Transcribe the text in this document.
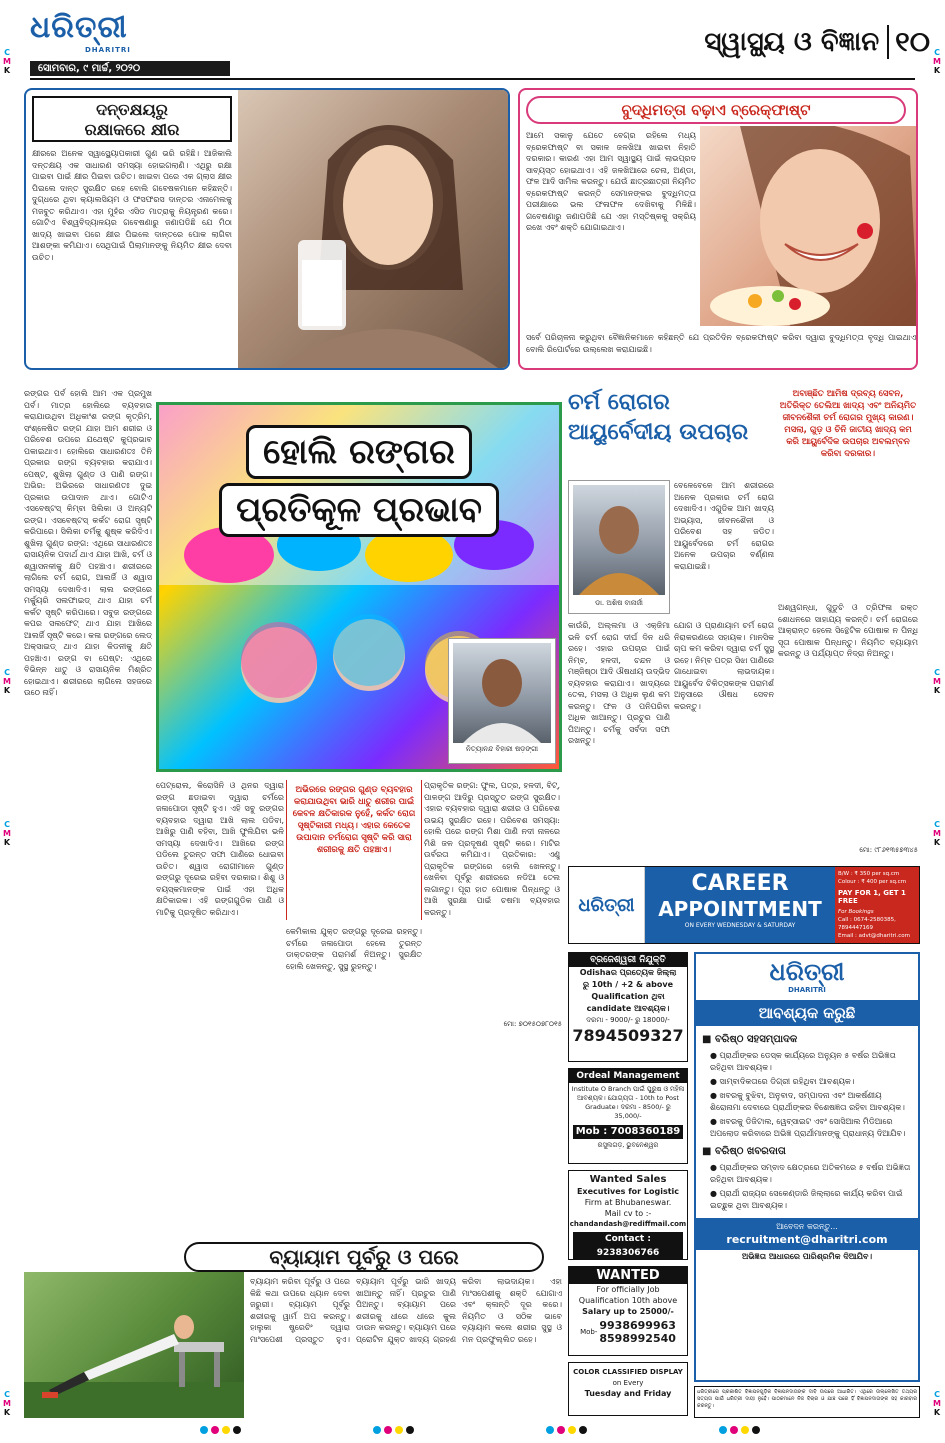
C
M
K
C
M
K
C
M
K
C
M
K
C
M
K
C
M
K
C
M
K
C
M
K
ଧରିତ୍ରୀ
DHARITRI
ସୋମବାର, ୯ ମାର୍ଚ୍ଚ, ୨୦୨୦
ସ୍ୱାସ୍ଥ୍ୟ ଓ ବିଜ୍ଞାନ ୧୦
ଦନ୍ତକ୍ଷୟରୁ
ରକ୍ଷାକରେ କ୍ଷୀର
କ୍ଷୀରରେ ଅନେକ ସ୍ୱାସ୍ଥ୍ୟୋପକାରୀ ଗୁଣ ଭରି ରହିଛି। ଆଜିକାଲି ଦନ୍ତକ୍ଷୟ ଏକ ସାଧାରଣ ସମସ୍ୟା ହୋଇଗଲାଣି। ଏଥିରୁ ରକ୍ଷା ପାଇବା ପାଇଁ କ୍ଷୀର ପିଇବା ଉଚିତ। ଖାଇବା ପରେ ଏକ ଗ୍ଲାସ କ୍ଷୀର ପିଇଲେ ଦାନ୍ତ ସୁରକ୍ଷିତ ରହେ ବୋଲି ଗବେଷକମାନେ କହିଛନ୍ତି। ଦୁଗ୍ଧରେ ଥିବା କ୍ୟାଲସିୟମ ଓ ଫସଫରସ ଦାନ୍ତର ଏନାମେଲକୁ ମଜବୁତ କରିଥାଏ। ଏହା ମୁହଁର ଏସିଡ ମାତ୍ରାକୁ ନିୟନ୍ତ୍ରଣ କରେ। ଗୋଟିଏ ବିଶ୍ୱବିଦ୍ୟାଳୟର ଗବେଷଣାରୁ ଜଣାପଡିଛି ଯେ ମିଠା ଖାଦ୍ୟ ଖାଇବା ପରେ କ୍ଷୀର ପିଇଲେ ଦାନ୍ତରେ ପୋକ ଲାଗିବା ଆଶଙ୍କା କମିଯାଏ। ସେଥିପାଇଁ ପିଲାମାନଙ୍କୁ ନିୟମିତ କ୍ଷୀର ଦେବା ଉଚିତ।
ବୁଦ୍ଧିମତ୍ତା ବଢ଼ାଏ ବ୍ରେକ୍‌ଫାଷ୍ଟ
ଆମେ ସକାଳୁ ଯେତେ ବେଗ୍ର ରହିଲେ ମଧ୍ୟ ବ୍ରେକଫାଷ୍ଟ ବା ସକାଳ ଜଳଖିଆ ଖାଇବା ନିହାତି ଦରକାର। କାରଣ ଏହା ଆମ ସ୍ୱାସ୍ଥ୍ୟ ପାଇଁ ଲାଭପ୍ରଦ ସାବ୍ୟସ୍ତ ହୋଇଥାଏ। ଏହି ଜଳଖିଆରେ ଚେନା, ଅଣ୍ଡା, ଫଳ ଆଦି ସାମିଲ କରନ୍ତୁ। ଯେଉଁ ଛାତ୍ରଛାତ୍ରୀ ନିୟମିତ ବ୍ରେକଫାଷ୍ଟ କରନ୍ତି ସେମାନଙ୍କର ବୁଦ୍ଧିମତ୍ତା ପରୀକ୍ଷାରେ ଭଲ ଫଳାଫଳ ଦେଖିବାକୁ ମିଳିଛି। ଗବେଷଣାରୁ ଜଣାପଡିଛି ଯେ ଏହା ମସ୍ତିଷ୍କକୁ ସକ୍ରିୟ ରଖେ ଏବଂ ଶକ୍ତି ଯୋଗାଇଥାଏ।
ସର୍ବେ ପରିଚାଳନା କରୁଥିବା ବୈଜ୍ଞାନିକମାନେ କହିଛନ୍ତି ଯେ ପ୍ରତିଦିନ ବ୍ରେକଫାଷ୍ଟ କରିବା ଦ୍ୱାରା ବୁଦ୍ଧିମତ୍ତା ବୃଦ୍ଧି ପାଇଥାଏ ବୋଲି ରିପୋର୍ଟରେ ଉଲ୍ଲେଖ କରାଯାଇଛି।
ରଙ୍ଗର ପର୍ବ ହୋଲି ଆମ ଏକ ପ୍ରମୁଖ ପର୍ବ। ମାତ୍ର ହୋଲିରେ ବ୍ୟବହାର କରାଯାଉଥିବା ଅଧିକାଂଶ ରଙ୍ଗ କୃତ୍ରିମ, ସଂଶ୍ଳେଷିତ ରଙ୍ଗ ଯାହା ଆମ ଶରୀର ଓ ପରିବେଶ ଉପରେ ଯଥେଷ୍ଟ କୁପ୍ରଭାବ ପକାଇଥାଏ। ହୋଲିରେ ସାଧାରଣତଃ ତିନି ପ୍ରକାର ରଙ୍ଗ ବ୍ୟବହାର କରାଯାଏ। ପେଷ୍ଟ, ଶୁଖିଲା ଗୁଣ୍ଡ ଓ ପାଣି ରଙ୍ଗ। ଅଭିର: ଅଭିରରେ ସାଧାରଣତଃ ଦୁଇ ପ୍ରକାର ଉପାଦାନ ଥାଏ। ଗୋଟିଏ ଏସବେଷ୍ଟସ୍ କିମ୍ବା ସିଲିକା ଓ ଅନ୍ୟଟି ରଙ୍ଗ। ଏସବେଷ୍ଟସ୍ କର୍କଟ ରୋଗ ସୃଷ୍ଟି କରିପାରେ। ସିଲିକା ଚର୍ମକୁ ଶୁଷ୍କ କରିଦିଏ। ଶୁଖିଲା ଗୁଣ୍ଡ ରଙ୍ଗ: ଏଥିରେ ସାଧାରଣତଃ ରାସାୟନିକ ପଦାର୍ଥ ଥାଏ ଯାହା ଆଖି, ଚର୍ମ ଓ ଶ୍ୱାସନଳୀକୁ କ୍ଷତି ପହଞ୍ଚାଏ। ଶରୀରରେ ଲାଗିଲେ ଚର୍ମ ରୋଗ, ଆଲର୍ଜି ଓ ଶ୍ୱାସ ସମସ୍ୟା ଦେଖାଦିଏ। ଲାଲ ରଙ୍ଗରେ ମର୍କ୍ୟୁରି ସଲଫାଇଡ୍ ଥାଏ ଯାହା ଚର୍ମ କର୍କଟ ସୃଷ୍ଟି କରିପାରେ। ସବୁଜ ରଙ୍ଗରେ କପର ସଲଫେଟ୍ ଥାଏ ଯାହା ଆଖିରେ ଆଲର୍ଜି ସୃଷ୍ଟି କରେ। କଳା ରଙ୍ଗରେ ଲେଡ୍ ଅକ୍ସାଇଡ୍ ଥାଏ ଯାହା କିଡନୀକୁ କ୍ଷତି ପହଞ୍ଚାଏ। ରଙ୍ଗ ବା ପେଷ୍ଟ: ଏଥିରେ ବିଭିନ୍ନ ଧାତୁ ଓ ରାସାୟନିକ ମିଶ୍ରିତ ହୋଇଥାଏ। ଶରୀରରେ ଲାଗିଲେ ସହଜରେ ଉଠେ ନାହିଁ।
ହୋଲି ରଙ୍ଗର ପ୍ରତିକୂଳ ପ୍ରଭାବ
ନିତ୍ୟାନନ୍ଦ ବିହାରୀ ଷଡ଼ଙ୍ଗୀ
ପେଟ୍ରୋଲ, କିରୋସିନି ଓ ଥିନର ଦ୍ୱାରା ରଙ୍ଗ ଛଡାଇବା ଦ୍ୱାରା ଚର୍ମରେ ଜଳାପୋଡା ସୃଷ୍ଟି ହୁଏ। ଏହି ସବୁ ରଙ୍ଗର ବ୍ୟବହାର ଦ୍ୱାରା ଆଖି ଲାଲ ପଡିବା, ଆଖିରୁ ପାଣି ବହିବା, ଆଖି ଫୁଲିଯିବା ଭଳି ସମସ୍ୟା ଦେଖାଦିଏ। ଆଖିରେ ରଙ୍ଗ ପଡିଲେ ତୁରନ୍ତ ସଫା ପାଣିରେ ଧୋଇବା ଉଚିତ। ଶ୍ୱାସ ରୋଗୀମାନେ ଗୁଣ୍ଡ ରଙ୍ଗରୁ ଦୂରେଇ ରହିବା ଦରକାର। ଶିଶୁ ଓ ବୟସ୍କମାନଙ୍କ ପାଇଁ ଏହା ଅଧିକ କ୍ଷତିକାରକ। ଏହି ରଙ୍ଗଗୁଡିକ ପାଣି ଓ ମାଟିକୁ ପ୍ରଦୂଷିତ କରିଥାଏ।
ଅଭିରରେ ରଙ୍ଗର ଗୁଣ୍ଡ ବ୍ୟବହାର କରାଯାଉଥିବା ଭାରି ଧାତୁ ଶରୀର ପାଇଁ କେବଳ କ୍ଷତିକାରକ ନୁହେଁ, କର୍କଟ ରୋଗ ସୃଷ୍ଟିକାରୀ ମଧ୍ୟ। ଏହାର କେତେକ ଉପାଦାନ ଚର୍ମରୋଗ ସୃଷ୍ଟି କରି ସାରା ଶରୀରକୁ କ୍ଷତି ପହଞ୍ଚାଏ।
ପ୍ରାକୃତିକ ରଙ୍ଗ: ଫୁଲ, ପତ୍ର, ହଳଦୀ, ବିଟ୍, ପାଳଙ୍ଗ ଆଦିରୁ ପ୍ରସ୍ତୁତ ରଙ୍ଗ ସୁରକ୍ଷିତ। ଏହାର ବ୍ୟବହାର ଦ୍ୱାରା ଶରୀର ଓ ପରିବେଶ ଉଭୟ ସୁରକ୍ଷିତ ରହେ। ପରିବେଶ ସମସ୍ୟା: ହୋଲି ପରେ ରଙ୍ଗ ମିଶା ପାଣି ନଦୀ ନାଳରେ ମିଶି ଜଳ ପ୍ରଦୂଷଣ ସୃଷ୍ଟି କରେ। ମାଟିର ଉର୍ବରତା କମିଯାଏ। ପ୍ରତିକାର: ଏଣୁ ପ୍ରାକୃତିକ ରଙ୍ଗରେ ହୋଲି ଖେଳନ୍ତୁ। ଖେଳିବା ପୂର୍ବରୁ ଶରୀରରେ ନଡିଆ ତେଲ ଲଗାନ୍ତୁ। ପୂରା ହାତ ପୋଷାକ ପିନ୍ଧନ୍ତୁ ଓ ଆଖି ସୁରକ୍ଷା ପାଇଁ ଚଷମା ବ୍ୟବହାର କରନ୍ତୁ।
କେମିକାଲ ଯୁକ୍ତ ରଙ୍ଗରୁ ଦୂରେଇ ରହନ୍ତୁ। ଚର୍ମରେ ଜଳାପୋଡା ହେଲେ ତୁରନ୍ତ ଡାକ୍ତରଙ୍କ ପରାମର୍ଶ ନିଅନ୍ତୁ। ସୁରକ୍ଷିତ ହୋଲି ଖେଳନ୍ତୁ, ସୁସ୍ଥ ରୁହନ୍ତୁ।
ମୋ: ୭୦୧୫୦୭୮୦୧୫
ଚର୍ମ ରୋଗର
ଆୟୁର୍ବେଦୀୟ ଉପଚାର
ଡା. ଅଶିଷ ବାନାର୍ଜୀ
ବେଳେବେଳେ ଆମ ଶରୀରରେ ଅନେକ ପ୍ରକାର ଚର୍ମ ରୋଗ ଦେଖାଦିଏ। ଏଗୁଡିକ ଆମ ଖାଦ୍ୟ ଅଭ୍ୟାସ, ଜୀବନଶୈଳୀ ଓ ପରିବେଶ ସହ ଜଡିତ। ଆୟୁର୍ବେଦରେ ଚର୍ମ ରୋଗର ଅନେକ ଉପଚାର ବର୍ଣ୍ଣନା କରାଯାଇଛି।
କାଉଁରି, ଅଲ୍ଲମା ଓ ଏକ୍‌ଜିମା ଭଳି ଚର୍ମ ରୋଗ ଦୀର୍ଘ ଦିନ ଧରି ରହେ। ଏହାର ଉପଚାର ପାଇଁ ନିମ୍ବ, ହଳଦୀ, ଚନ୍ଦନ ଓ ମଞ୍ଜିଷ୍ଠା ଆଦି ଔଷଧୀୟ ଉଦ୍ଭିଦ ବ୍ୟବହାର କରାଯାଏ। ଖାଦ୍ୟରେ ତେଲ, ମସଲା ଓ ଅଧିକ ଲୁଣ କମ କରନ୍ତୁ। ଫଳ ଓ ପନିପରିବା ଅଧିକ ଖାଆନ୍ତୁ। ପ୍ରଚୁର ପାଣି ପିଅନ୍ତୁ। ଚର୍ମକୁ ସର୍ବଦା ସଫା ରଖନ୍ତୁ।
ଯୋଗ ଓ ପ୍ରାଣାୟାମ ଚର୍ମ ରୋଗ ନିରାକରଣରେ ସହାୟକ। ମାନସିକ ଚାପ କମ କରିବା ଦ୍ୱାରା ଚର୍ମ ସୁସ୍ଥ ରହେ। ନିମ୍ବ ପତ୍ର ସିଝା ପାଣିରେ ଗାଧୋଇବା ଲାଭଦାୟକ। ଆୟୁର୍ବେଦ ଚିକିତ୍ସକଙ୍କ ପରାମର୍ଶ ଅନୁସାରେ ଔଷଧ ସେବନ କରନ୍ତୁ।
ଅବାଞ୍ଛିତ ଆମିଷ ଦ୍ରବ୍ୟ ସେବନ, ଅତିରିକ୍ତ ତେଲିଆ ଖାଦ୍ୟ ଏବଂ ଅନିୟମିତ ଜୀବନଶୈଳୀ ଚର୍ମ ରୋଗର ମୁଖ୍ୟ କାରଣ। ମସଲା, ଗୁଡ଼ ଓ ଚିନି ଜାତୀୟ ଖାଦ୍ୟ କମ କରି ଆୟୁର୍ବେଦିକ ଉପଚାର ଅବଲମ୍ବନ କରିବା ଦରକାର।
ଅଶ୍ୱଗନ୍ଧା, ଗୁଡୁଚି ଓ ତ୍ରିଫଳା ରକ୍ତ ଶୋଧନରେ ସାହାଯ୍ୟ କରନ୍ତି। ଚର୍ମ ରୋଗରେ ଆକ୍ରାନ୍ତ ହେଲେ ସିନ୍ଥେଟିକ ପୋଷାକ ନ ପିନ୍ଧି ସୂତା ପୋଷାକ ପିନ୍ଧନ୍ତୁ। ନିୟମିତ ବ୍ୟାୟାମ କରନ୍ତୁ ଓ ପର୍ଯ୍ୟାପ୍ତ ନିଦ୍ରା ନିଅନ୍ତୁ।
ମୋ: ୯୮୬୧୩୫୭୩୪୫
ଧରିତ୍ରୀ
CAREER
APPOINTMENT
ON EVERY WEDNESDAY & SATURDAY
B/W : ₹ 350 per sq.cm
Colour : ₹ 400 per sq.cm
PAY FOR 1, GET 1 FREE
For Bookings
Call : 0674-2580385, 7894447169
Email : advt@dharitri.com
ବ୍ରଜେଶ୍ୱରୀ ନିଯୁକ୍ତି
Odishaର ପ୍ରତ୍ୟେକ ଜିଲ୍ଲା
ରୁ 10th / +2 & above
Qualification ଥିବା
candidate ଆବଶ୍ୟକ।
ଦରମା - 9000/- ରୁ 18000/-
7894509327
Ordeal Management
Institute O Branch ପାଇଁ ପୁରୁଷ ଓ ମହିଳା ଆବଶ୍ୟକ। ଯୋଗ୍ୟତା - 10th to Post Graduate। ଦରମା - 8500/- ରୁ 35,000/-
Mob : 7008360189
ରସୁଲଗଡ଼, ଭୁବନେଶ୍ୱର
Wanted Sales
Executives for Logistic
Firm at Bhubaneswar.
Mail cv to :-
chandandash@rediffmail.com
Contact : 9238306766
WANTED
For officially Job
Qualification 10th above
Salary up to 25000/-
Mob- 9938699963
8598992540
COLOR CLASSIFIED DISPLAY
on Every
Tuesday and Friday
ଧରିତ୍ରୀ
DHARITRI
ଆବଶ୍ୟକ କରୁଛି
■ ବରିଷ୍ଠ ସହସମ୍ପାଦକ
● ପ୍ରାର୍ଥୀଙ୍କର ଡେସ୍କ କାର୍ଯ୍ୟରେ ଅନ୍ୟୁନ ୫ ବର୍ଷର ଅଭିଜ୍ଞତା ରହିଥିବା ଆବଶ୍ୟକ।
● ସାମ୍ବାଦିକତାରେ ଡିଗ୍ରୀ ରହିଥିବା ଆବଶ୍ୟକ।
● ଖବରକୁ ବୁଝିବା, ଅନୁବାଦ, ସମ୍ପାଦନା ଏବଂ ଆକର୍ଷଣୀୟ ଶିରୋନାମା ଦେବାରେ ପ୍ରାର୍ଥୀଙ୍କର ବିଶେଷଜ୍ଞତା ରହିବା ଆବଶ୍ୟକ।
● ଖବରକୁ ଡିଜିଟାଲ, ୱେବ୍‌ସାଇଟ ଏବଂ ସୋସିଆଲ ମିଡିଆରେ ଅପଲୋଡ କରିବାରେ ଅଭିଜ୍ଞ ପ୍ରାର୍ଥୀମାନଙ୍କୁ ପ୍ରାଧାନ୍ୟ ଦିଆଯିବ।
■ ବରିଷ୍ଠ ଖବରଦାତା
● ପ୍ରାର୍ଥୀଙ୍କର ସମ୍ବାଦ କ୍ଷେତ୍ରରେ ଅତିକମରେ ୫ ବର୍ଷର ଅଭିଜ୍ଞତା ରହିଥିବା ଆବଶ୍ୟକ।
● ପ୍ରାର୍ଥୀ ରାଜ୍ୟର ସେକେଣ୍ଡାରି ଜିଲ୍ଲାରେ କାର୍ଯ୍ୟ କରିବା ପାଇଁ ଇଚ୍ଛୁକ ଥିବା ଆବଶ୍ୟକ।
ଆବେଦନ କରନ୍ତୁ...
recruitment@dharitri.com
ଅଭିଜ୍ଞତା ଆଧାରରେ ପାରିଶ୍ରମିକ ଦିଆଯିବ।
ଧରିତ୍ରୀରେ ପ୍ରକାଶିତ ବିଜ୍ଞାପନଗୁଡ଼ିକ ବିଜ୍ଞାପନଦାତାଙ୍କ ଦାବି ଉପରେ ଆଧାରିତ। ଏଥିରେ ଉଲ୍ଲେଖିତ ତଥ୍ୟର ସତ୍ୟତା ପାଇଁ ଧରିତ୍ରୀ ଦାୟୀ ନୁହେଁ। ପାଠକମାନେ ନିଜ ବିଚାର ଓ ଯାଞ୍ଚ ପରେ ହିଁ ବିଜ୍ଞାପନଦାତାଙ୍କ ସହ କାରବାର କରନ୍ତୁ।
ବ୍ୟାୟାମ ପୂର୍ବରୁ ଓ ପରେ
ବ୍ୟାୟାମ କରିବା ପୂର୍ବରୁ ଓ ପରେ କିଛି କଥା ଉପରେ ଧ୍ୟାନ ଦେବା ଜରୁରୀ। ବ୍ୟାୟାମ ପୂର୍ବରୁ ଶରୀରକୁ ୱାର୍ମ ଅପ କରନ୍ତୁ। ହାଲୁକା ଷ୍ଟ୍ରେଚିଂ ଦ୍ୱାରା ମାଂସପେଶୀ ପ୍ରସ୍ତୁତ ହୁଏ। ବ୍ୟାୟାମ ପୂର୍ବରୁ ଭାରି ଖାଦ୍ୟ ଖାଆନ୍ତୁ ନାହିଁ। ପ୍ରଚୁର ପାଣି ପିଅନ୍ତୁ। ବ୍ୟାୟାମ ପରେ ଶରୀରକୁ ଧୀରେ ଧୀରେ କୁଲ ଡାଉନ କରନ୍ତୁ। ବ୍ୟାୟାମ ପରେ ପ୍ରୋଟିନ ଯୁକ୍ତ ଖାଦ୍ୟ ଗ୍ରହଣ କରିବା ଲାଭଦାୟକ। ଏହା ମାଂସପେଶୀକୁ ଶକ୍ତି ଯୋଗାଏ ଏବଂ କ୍ଳାନ୍ତି ଦୂର କରେ। ନିୟମିତ ଓ ସଠିକ ଭାବେ ବ୍ୟାୟାମ କଲେ ଶରୀର ସୁସ୍ଥ ଓ ମନ ପ୍ରଫୁଲ୍ଲିତ ରହେ।
